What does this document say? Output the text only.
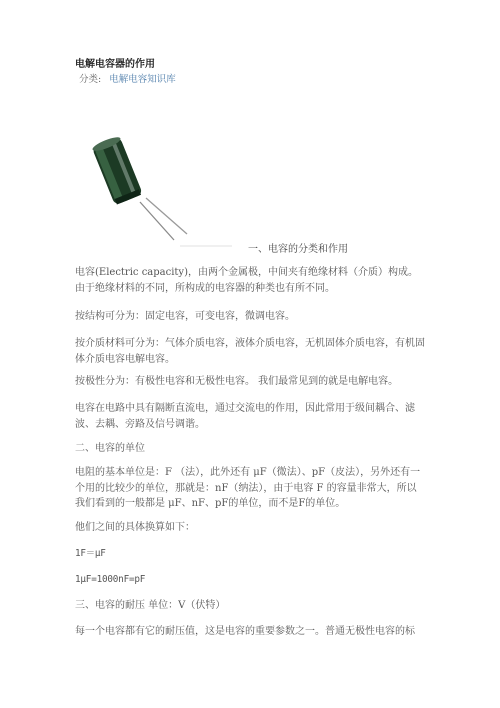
电解电容器的作用
分类: 电解电容知识库
一、电容的分类和作用

电容(Electric capacity)，由两个金属极，中间夹有绝缘材料（介质）构成。由于绝缘材料的不同，所构成的电容器的种类也有所不同。

按结构可分为：固定电容，可变电容，微调电容。

按介质材料可分为：气体介质电容，液体介质电容，无机固体介质电容，有机固体介质电容电解电容。

按极性分为：有极性电容和无极性电容。 我们最常见到的就是电解电容。

电容在电路中具有隔断直流电，通过交流电的作用，因此常用于级间耦合、滤波、去耦、旁路及信号调谐。

二、电容的单位

电阻的基本单位是：F （法），此外还有 μF（微法）、pF（皮法），另外还有一个用的比较少的单位，那就是：nF（纳法），由于电容 F 的容量非常大，所以我们看到的一般都是 μF、nF、pF的单位，而不是F的单位。

他们之间的具体换算如下：

1F＝μF

1μF=1000nF=pF

三、电容的耐压 单位：V（伏特）

每一个电容都有它的耐压值，这是电容的重要参数之一。普通无极性电容的标
